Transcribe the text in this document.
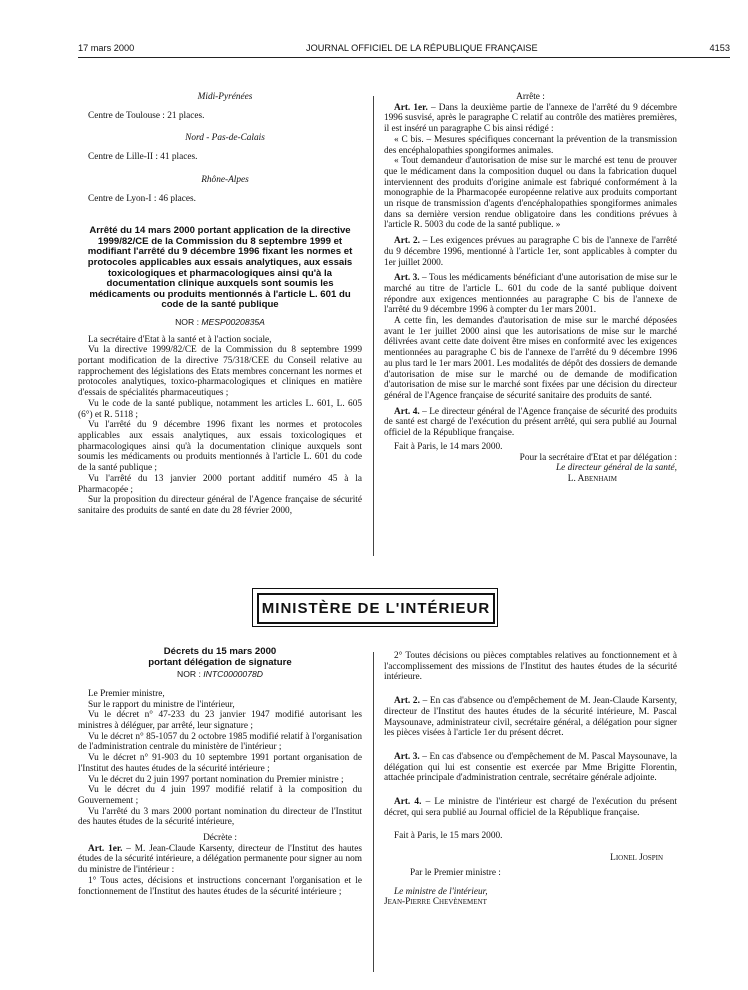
17 mars 2000	JOURNAL OFFICIEL DE LA RÉPUBLIQUE FRANÇAISE	4153

Midi-Pyrénées

Centre de Toulouse : 21 places.

Nord - Pas-de-Calais

Centre de Lille-II : 41 places.

Rhône-Alpes

Centre de Lyon-I : 46 places.

Arrêté du 14 mars 2000 portant application de la directive 1999/82/CE de la Commission du 8 septembre 1999 et modifiant l'arrêté du 9 décembre 1996 fixant les normes et protocoles applicables aux essais analytiques, aux essais toxicologiques et pharmacologiques ainsi qu'à la documentation clinique auxquels sont soumis les médicaments ou produits mentionnés à l'article L. 601 du code de la santé publique
NOR : MESP0020835A

La secrétaire d'Etat à la santé et à l'action sociale,

Vu la directive 1999/82/CE de la Commission du 8 septembre 1999 portant modification de la directive 75/318/CEE du Conseil relative au rapprochement des législations des Etats membres concernant les normes et protocoles analytiques, toxico-pharmacologiques et cliniques en matière d'essais de spécialités pharmaceutiques ;

Vu le code de la santé publique, notamment les articles L. 601, L. 605 (6°) et R. 5118 ;

Vu l'arrêté du 9 décembre 1996 fixant les normes et protocoles applicables aux essais analytiques, aux essais toxicologiques et pharmacologiques ainsi qu'à la documentation clinique auxquels sont soumis les médicaments ou produits mentionnés à l'article L. 601 du code de la santé publique ;

Vu l'arrêté du 13 janvier 2000 portant additif numéro 45 à la Pharmacopée ;

Sur la proposition du directeur général de l'Agence française de sécurité sanitaire des produits de santé en date du 28 février 2000,

Arrête :

Art. 1er. – Dans la deuxième partie de l'annexe de l'arrêté du 9 décembre 1996 susvisé, après le paragraphe C relatif au contrôle des matières premières, il est inséré un paragraphe C bis ainsi rédigé :

« C bis. – Mesures spécifiques concernant la prévention de la transmission des encéphalopathies spongiformes animales.

« Tout demandeur d'autorisation de mise sur le marché est tenu de prouver que le médicament dans la composition duquel ou dans la fabrication duquel interviennent des produits d'origine animale est fabriqué conformément à la monographie de la Pharmacopée européenne relative aux produits comportant un risque de transmission d'agents d'encéphalopathies spongiformes animales dans sa dernière version rendue obligatoire dans les conditions prévues à l'article R. 5003 du code de la santé publique. »

Art. 2. – Les exigences prévues au paragraphe C bis de l'annexe de l'arrêté du 9 décembre 1996, mentionné à l'article 1er, sont applicables à compter du 1er juillet 2000.

Art. 3. – Tous les médicaments bénéficiant d'une autorisation de mise sur le marché au titre de l'article L. 601 du code de la santé publique doivent répondre aux exigences mentionnées au paragraphe C bis de l'annexe de l'arrêté du 9 décembre 1996 à compter du 1er mars 2001.

A cette fin, les demandes d'autorisation de mise sur le marché déposées avant le 1er juillet 2000 ainsi que les autorisations de mise sur le marché délivrées avant cette date doivent être mises en conformité avec les exigences mentionnées au paragraphe C bis de l'annexe de l'arrêté du 9 décembre 1996 au plus tard le 1er mars 2001. Les modalités de dépôt des dossiers de demande d'autorisation de mise sur le marché ou de demande de modification d'autorisation de mise sur le marché sont fixées par une décision du directeur général de l'Agence française de sécurité sanitaire des produits de santé.

Art. 4. – Le directeur général de l'Agence française de sécurité des produits de santé est chargé de l'exécution du présent arrêté, qui sera publié au Journal officiel de la République française.

Fait à Paris, le 14 mars 2000.

Pour la secrétaire d'Etat et par délégation :

Le directeur général de la santé,

L. Abenhaim

MINISTÈRE DE L'INTÉRIEUR
Décrets du 15 mars 2000
portant délégation de signature
NOR : INTC0000078D

Le Premier ministre,

Sur le rapport du ministre de l'intérieur,

Vu le décret n° 47-233 du 23 janvier 1947 modifié autorisant les ministres à déléguer, par arrêté, leur signature ;

Vu le décret n° 85-1057 du 2 octobre 1985 modifié relatif à l'organisation de l'administration centrale du ministère de l'intérieur ;

Vu le décret n° 91-903 du 10 septembre 1991 portant organisation de l'Institut des hautes études de la sécurité intérieure ;

Vu le décret du 2 juin 1997 portant nomination du Premier ministre ;

Vu le décret du 4 juin 1997 modifié relatif à la composition du Gouvernement ;

Vu l'arrêté du 3 mars 2000 portant nomination du directeur de l'Institut des hautes études de la sécurité intérieure,

Décrète :

Art. 1er. – M. Jean-Claude Karsenty, directeur de l'Institut des hautes études de la sécurité intérieure, a délégation permanente pour signer au nom du ministre de l'intérieur :

1° Tous actes, décisions et instructions concernant l'organisation et le fonctionnement de l'Institut des hautes études de la sécurité intérieure ;

2° Toutes décisions ou pièces comptables relatives au fonctionnement et à l'accomplissement des missions de l'Institut des hautes études de la sécurité intérieure.

Art. 2. – En cas d'absence ou d'empêchement de M. Jean-Claude Karsenty, directeur de l'Institut des hautes études de la sécurité intérieure, M. Pascal Maysounave, administrateur civil, secrétaire général, a délégation pour signer les pièces visées à l'article 1er du présent décret.

Art. 3. – En cas d'absence ou d'empêchement de M. Pascal Maysounave, la délégation qui lui est consentie est exercée par Mme Brigitte Florentin, attachée principale d'administration centrale, secrétaire générale adjointe.

Art. 4. – Le ministre de l'intérieur est chargé de l'exécution du présent décret, qui sera publié au Journal officiel de la République française.

Fait à Paris, le 15 mars 2000.

Lionel Jospin

Par le Premier ministre :

Le ministre de l'intérieur,

Jean-Pierre Chevènement
